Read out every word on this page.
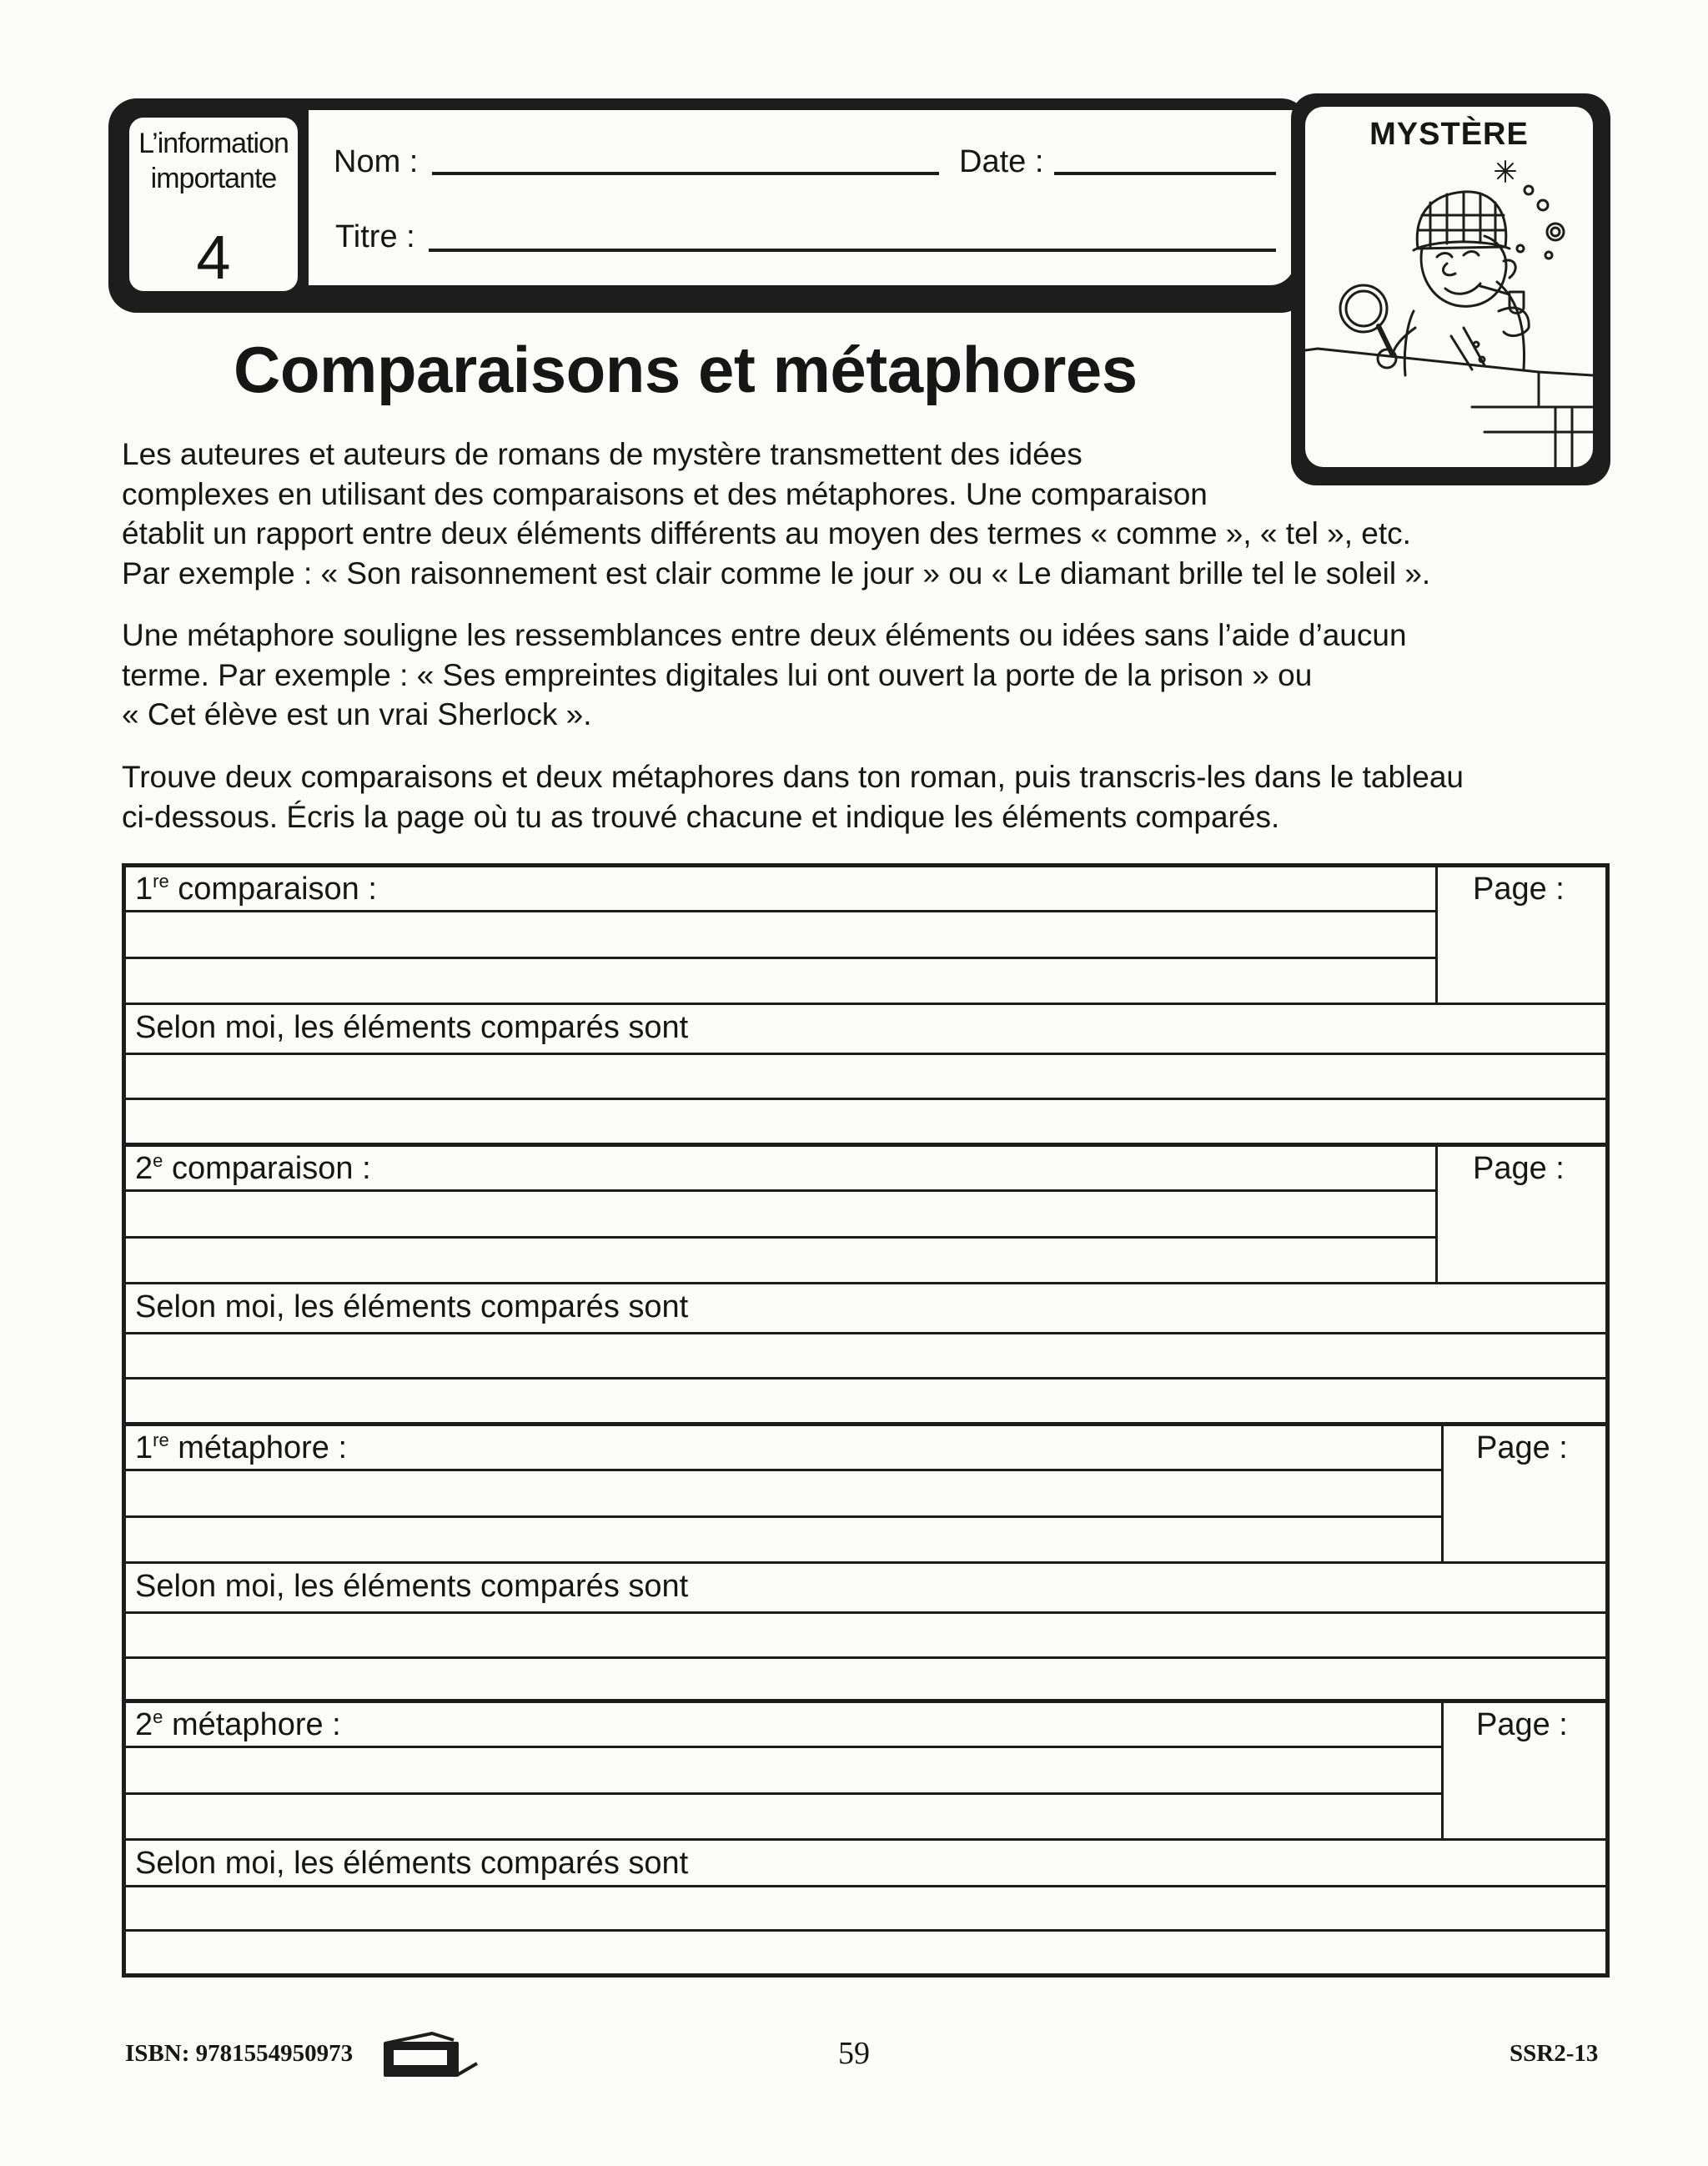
L’information
importante
4
Nom :	Date :
Titre :
MYSTÈRE
Comparaisons et métaphores
Les auteures et auteurs de romans de mystère transmettent des idées
complexes en utilisant des comparaisons et des métaphores. Une comparaison
établit un rapport entre deux éléments différents au moyen des termes « comme », « tel », etc.
Par exemple : « Son raisonnement est clair comme le jour » ou « Le diamant brille tel le soleil ».
Une métaphore souligne les ressemblances entre deux éléments ou idées sans l’aide d’aucun
terme. Par exemple : « Ses empreintes digitales lui ont ouvert la porte de la prison » ou
« Cet élève est un vrai Sherlock ».
Trouve deux comparaisons et deux métaphores dans ton roman, puis transcris-les dans le tableau
ci-dessous. Écris la page où tu as trouvé chacune et indique les éléments comparés.
1re comparaison :	Page :
Selon moi, les éléments comparés sont
2e comparaison :	Page :
Selon moi, les éléments comparés sont
1re métaphore :	Page :
Selon moi, les éléments comparés sont
2e métaphore :	Page :
Selon moi, les éléments comparés sont
ISBN: 9781554950973	59	SSR2-13
